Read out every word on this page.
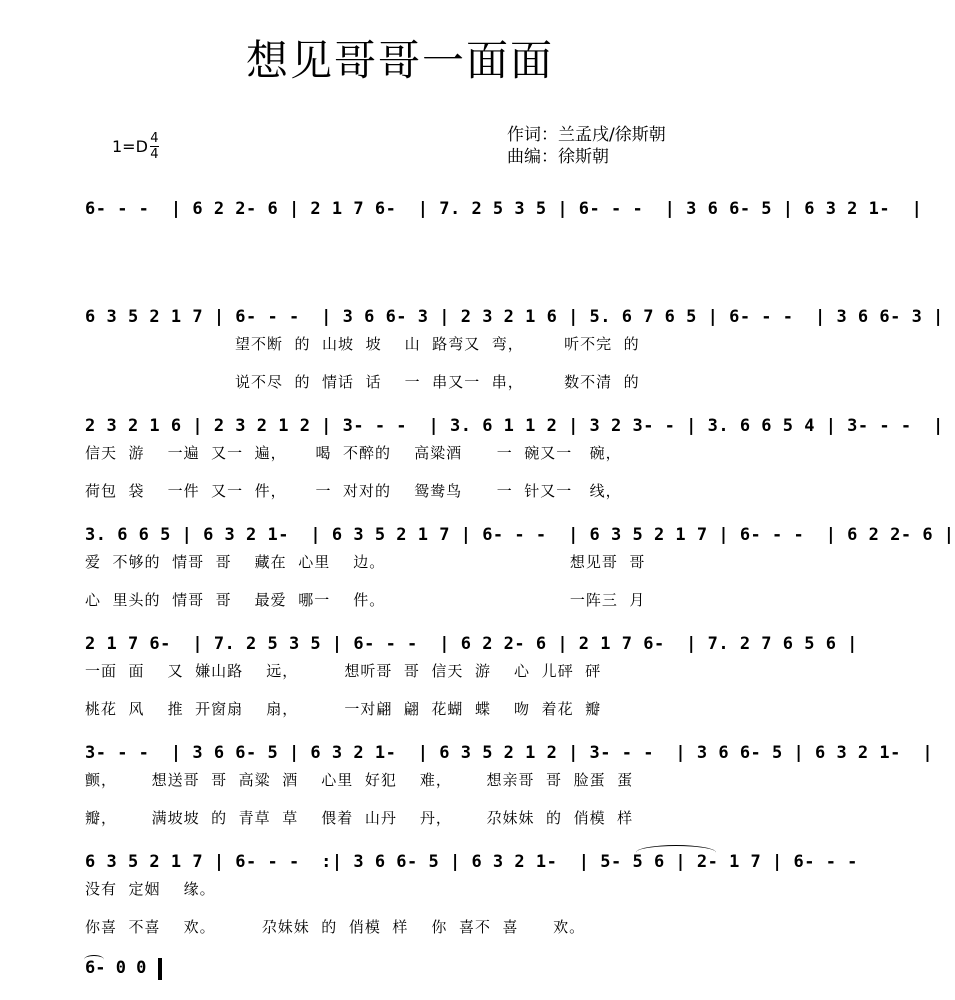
想见哥哥一面面
1=D 4
4
作词：兰孟戌/徐斯朝
曲编：徐斯朝
6- - -  | 6 2 2- 6 | 2 1 7 6-  | 7. 2 5 3 5 | 6- - -  | 3 6 6- 5 | 6 3 2 1-  |
6 3 5 2 1 7 | 6- - -  | 3 6 6- 3 | 2 3 2 1 6 | 5. 6 7 6 5 | 6- - -  | 3 6 6- 3 |
望不断  的  山坡  坡    山  路弯又  弯，       听不完  的
说不尽  的  情话  话    一  串又一  串，       数不清  的
2 3 2 1 6 | 2 3 2 1 2 | 3- - -  | 3. 6 1 1 2 | 3 2 3- - | 3. 6 6 5 4 | 3- - -  |
信天  游    一遍  又一  遍，     喝  不醉的    高粱酒      一  碗又一   碗，
荷包  袋    一件  又一  件，     一  对对的    鸳鸯鸟      一  针又一   线，
3. 6 6 5 | 6 3 2 1-  | 6 3 5 2 1 7 | 6- - -  | 6 3 5 2 1 7 | 6- - -  | 6 2 2- 6 |
爱  不够的  情哥  哥    藏在  心里    边。                                想见哥  哥
心  里头的  情哥  哥    最爱  哪一    件。                                一阵三  月
2 1 7 6-  | 7. 2 5 3 5 | 6- - -  | 6 2 2- 6 | 2 1 7 6-  | 7. 2 7 6 5 6 |
一面  面    又  嫌山路    远，        想听哥  哥  信天  游    心  儿砰  砰
桃花  风    推  开窗扇    扇，        一对翩  翩  花蝴  蝶    吻  着花  瓣
3- - -  | 3 6 6- 5 | 6 3 2 1-  | 6 3 5 2 1 2 | 3- - -  | 3 6 6- 5 | 6 3 2 1-  |
颤，      想送哥  哥  高粱  酒    心里  好犯    难，      想亲哥  哥  脸蛋  蛋
瓣，      满坡坡  的  青草  草    偎着  山丹    丹，      尕妹妹  的  俏模  样
6 3 5 2 1 7 | 6- - -  :| 3 6 6- 5 | 6 3 2 1-  | 5- 5 6 | 2- 1 7 | 6- - -
没有  定姻    缘。
你喜  不喜    欢。        尕妹妹  的  俏模  样    你  喜不  喜      欢。
6- 0 0
